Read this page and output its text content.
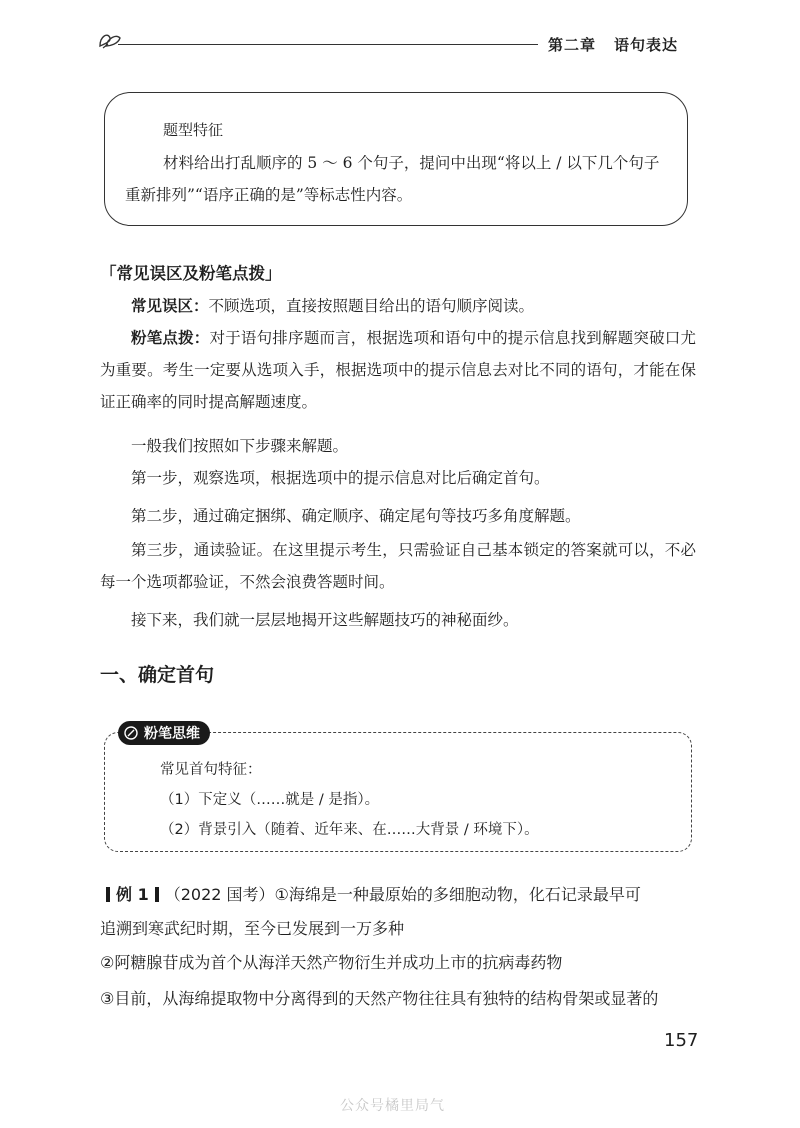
第二章 语句表达
题型特征
材料给出打乱顺序的 5 ～ 6 个句子，提问中出现“将以上 / 以下几个句子重新排列”“语序正确的是”等标志性内容。
「常见误区及粉笔点拨」
常见误区：不顾选项，直接按照题目给出的语句顺序阅读。
粉笔点拨：对于语句排序题而言，根据选项和语句中的提示信息找到解题突破口尤为重要。考生一定要从选项入手，根据选项中的提示信息去对比不同的语句，才能在保证正确率的同时提高解题速度。
一般我们按照如下步骤来解题。
第一步，观察选项，根据选项中的提示信息对比后确定首句。
第二步，通过确定捆绑、确定顺序、确定尾句等技巧多角度解题。
第三步，通读验证。在这里提示考生，只需验证自己基本锁定的答案就可以，不必每一个选项都验证，不然会浪费答题时间。
接下来，我们就一层层地揭开这些解题技巧的神秘面纱。
一、确定首句
粉笔思维
常见首句特征：
（1）下定义（……就是 / 是指）。
（2）背景引入（随着、近年来、在……大背景 / 环境下）。
例 1 （2022 国考）①海绵是一种最原始的多细胞动物，化石记录最早可
追溯到寒武纪时期，至今已发展到一万多种
②阿糖腺苷成为首个从海洋天然产物衍生并成功上市的抗病毒药物
③目前，从海绵提取物中分离得到的天然产物往往具有独特的结构骨架或显著的
157
公众号橘里局气
